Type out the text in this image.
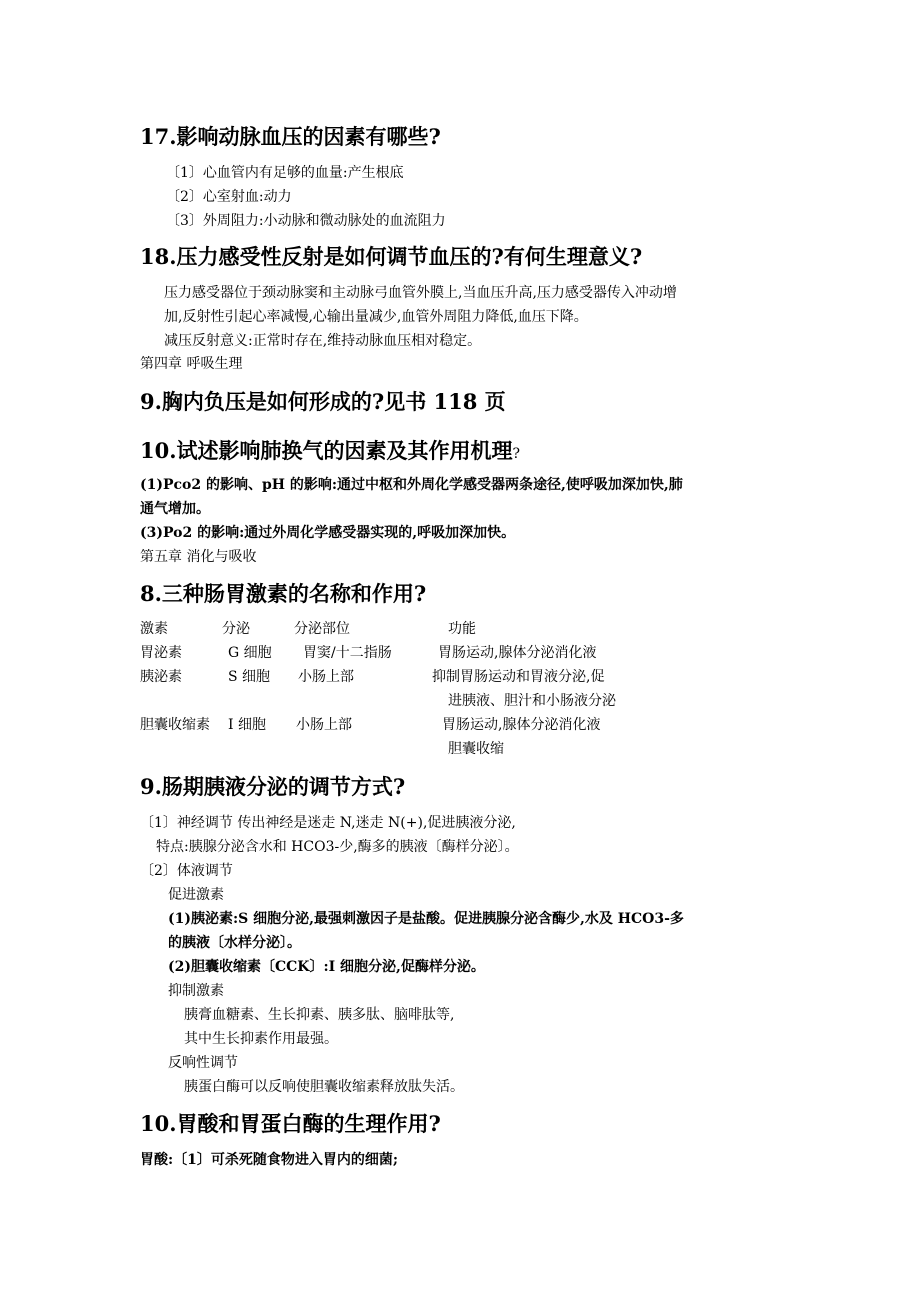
17.影响动脉血压的因素有哪些?
〔1〕心血管内有足够的血量:产生根底
〔2〕心室射血:动力
〔3〕外周阻力:小动脉和微动脉处的血流阻力
18.压力感受性反射是如何调节血压的?有何生理意义?
压力感受器位于颈动脉窦和主动脉弓血管外膜上,当血压升高,压力感受器传入冲动增
加,反射性引起心率减慢,心输出量减少,血管外周阻力降低,血压下降。
减压反射意义:正常时存在,维持动脉血压相对稳定。
第四章 呼吸生理
9.胸内负压是如何形成的?见书 118 页
10.试述影响肺换气的因素及其作用机理?
(1)Pco2 的影响、pH 的影响:通过中枢和外周化学感受器两条途径,使呼吸加深加快,肺
通气增加。
(3)Po2 的影响:通过外周化学感受器实现的,呼吸加深加快。
第五章 消化与吸收
8.三种肠胃激素的名称和作用?
激素	分泌	分泌部位	功能
胃泌素	G 细胞 胃窦/十二指肠	胃肠运动,腺体分泌消化液
胰泌素	S 细胞 小肠上部	抑制胃肠运动和胃液分泌,促
进胰液、胆汁和小肠液分泌
胆囊收缩素 I 细胞 小肠上部	胃肠运动,腺体分泌消化液
胆囊收缩
9.肠期胰液分泌的调节方式?
〔1〕神经调节 传出神经是迷走 N,迷走 N(+),促进胰液分泌,
特点:胰腺分泌含水和 HCO3-少,酶多的胰液〔酶样分泌〕。
〔2〕体液调节
促进激素
(1)胰泌素:S 细胞分泌,最强刺激因子是盐酸。促进胰腺分泌含酶少,水及 HCO3-多
的胰液〔水样分泌〕。
(2)胆囊收缩素〔CCK〕:I 细胞分泌,促酶样分泌。
抑制激素
胰膏血糖素、生长抑素、胰多肽、脑啡肽等,
其中生长抑素作用最强。
反响性调节
胰蛋白酶可以反响使胆囊收缩素释放肽失活。
10.胃酸和胃蛋白酶的生理作用?
胃酸:〔1〕可杀死随食物进入胃内的细菌;
